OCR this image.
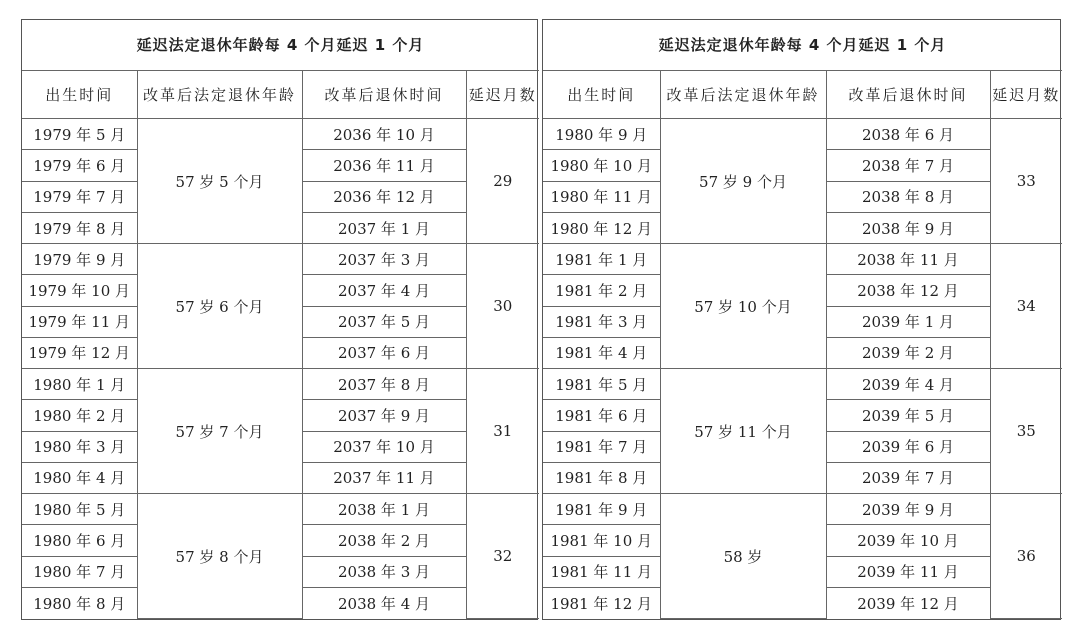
延迟法定退休年龄每 4 个月延迟 1 个月			
出生时间	改革后法定退休年龄	改革后退休时间	延迟月数
1979 年 5 月	57 岁 5 个月	2036 年 10 月	29
1979 年 6 月		2036 年 11 月	
1979 年 7 月		2036 年 12 月	
1979 年 8 月		2037 年 1 月	
1979 年 9 月	57 岁 6 个月	2037 年 3 月	30
1979 年 10 月		2037 年 4 月	
1979 年 11 月		2037 年 5 月	
1979 年 12 月		2037 年 6 月	
1980 年 1 月	57 岁 7 个月	2037 年 8 月	31
1980 年 2 月		2037 年 9 月	
1980 年 3 月		2037 年 10 月	
1980 年 4 月		2037 年 11 月	
1980 年 5 月	57 岁 8 个月	2038 年 1 月	32
1980 年 6 月		2038 年 2 月	
1980 年 7 月		2038 年 3 月	
1980 年 8 月		2038 年 4 月	
延迟法定退休年龄每 4 个月延迟 1 个月			
出生时间	改革后法定退休年龄	改革后退休时间	延迟月数
1980 年 9 月	57 岁 9 个月	2038 年 6 月	33
1980 年 10 月		2038 年 7 月	
1980 年 11 月		2038 年 8 月	
1980 年 12 月		2038 年 9 月	
1981 年 1 月	57 岁 10 个月	2038 年 11 月	34
1981 年 2 月		2038 年 12 月	
1981 年 3 月		2039 年 1 月	
1981 年 4 月		2039 年 2 月	
1981 年 5 月	57 岁 11 个月	2039 年 4 月	35
1981 年 6 月		2039 年 5 月	
1981 年 7 月		2039 年 6 月	
1981 年 8 月		2039 年 7 月	
1981 年 9 月	58 岁	2039 年 9 月	36
1981 年 10 月		2039 年 10 月	
1981 年 11 月		2039 年 11 月	
1981 年 12 月		2039 年 12 月	
